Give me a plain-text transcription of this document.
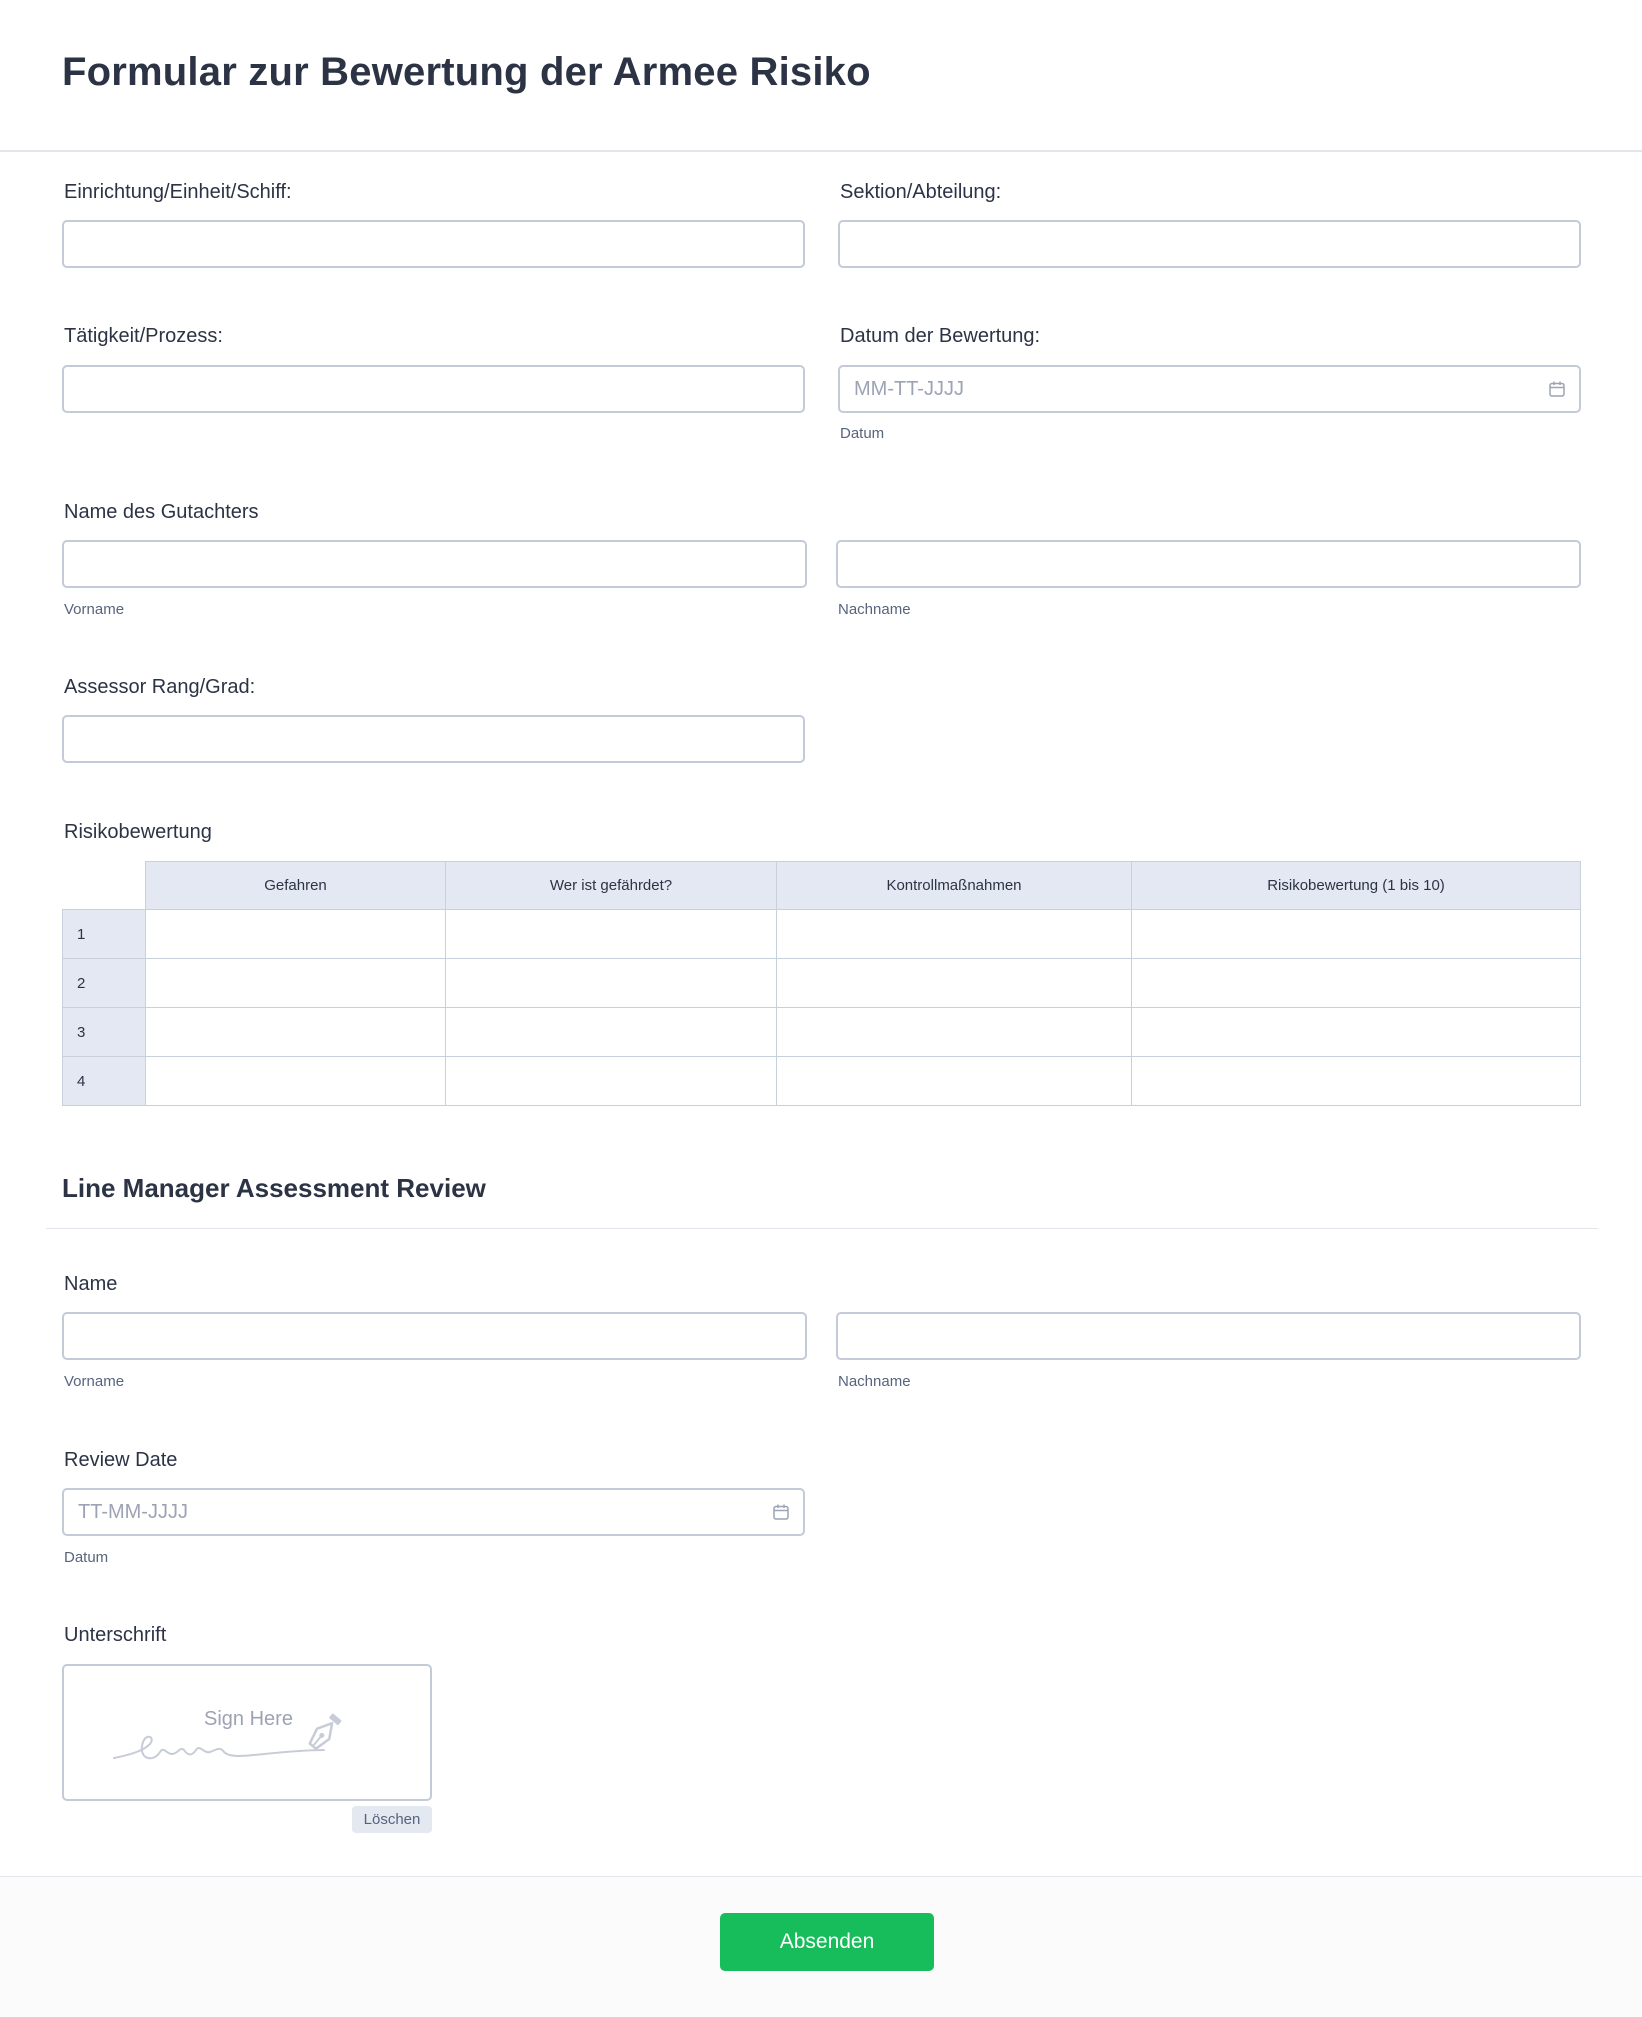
Formular zur Bewertung der Armee Risiko
Einrichtung/Einheit/Schiff:	Sektion/Abteilung:
Tätigkeit/Prozess:	Datum der Bewertung:
MM-TT-JJJJ
Datum
Name des Gutachters
Vorname	Nachname
Assessor Rang/Grad:
Risikobewertung
	Gefahren	Wer ist gefährdet?	Kontrollmaßnahmen	Risikobewertung (1 bis 10)
1				
2				
3				
4				
Line Manager Assessment Review
Name
Vorname	Nachname
Review Date
TT-MM-JJJJ
Datum
Unterschrift
Sign Here
Löschen
Absenden
